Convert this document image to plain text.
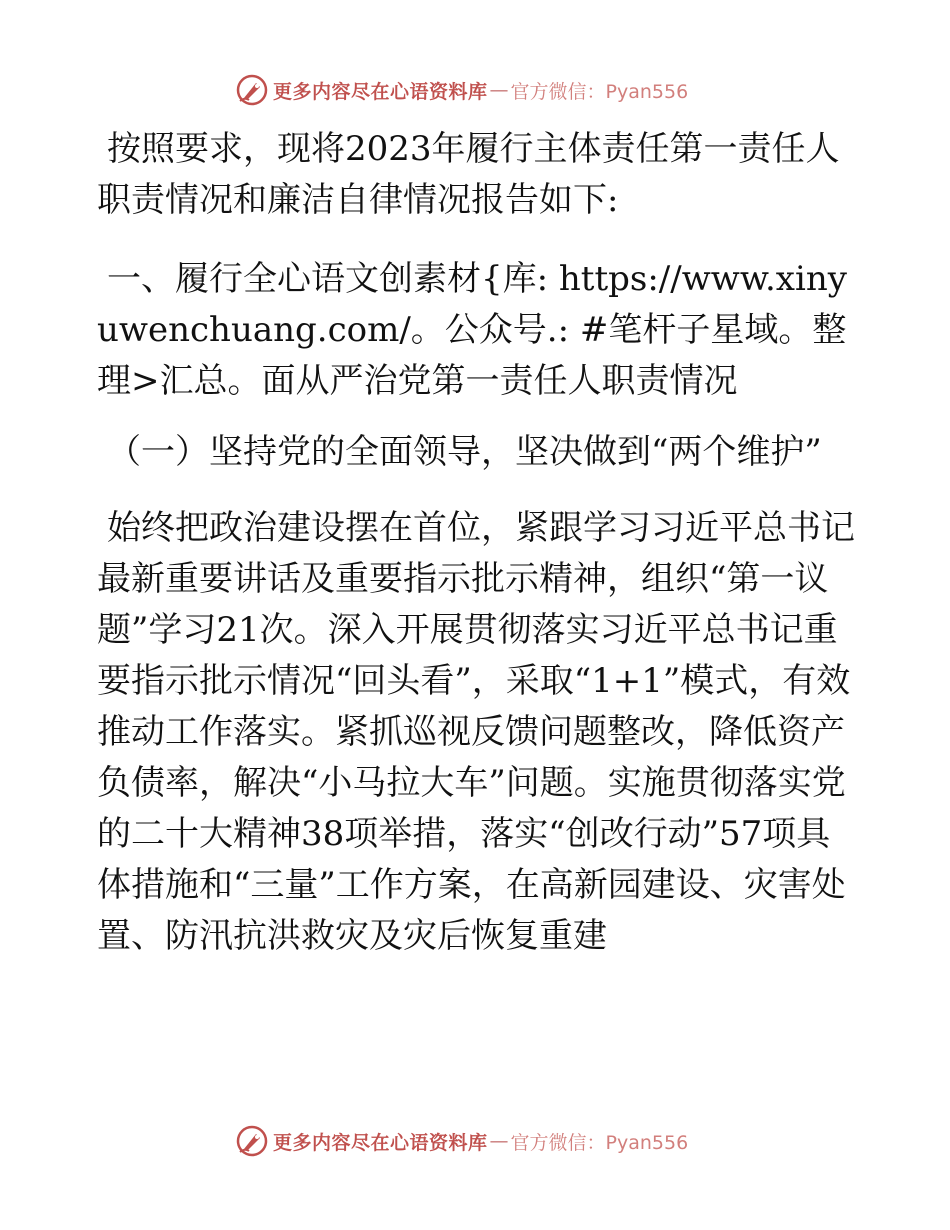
更多内容尽在心语资料库 — 官方微信：Pyan556

按照要求，现将2023年履行主体责任第一责任人职责情况和廉洁自律情况报告如下:

一、履行全心语文创素材{库: https://www.xinyuwenchuang.com/。公众号.: #笔杆子星域。整理>汇总。面从严治党第一责任人职责情况

（一）坚持党的全面领导，坚决做到“两个维护”

始终把政治建设摆在首位，紧跟学习习近平总书记最新重要讲话及重要指示批示精神，组织“第一议题”学习21次。深入开展贯彻落实习近平总书记重要指示批示情况“回头看”，采取“1+1”模式，有效推动工作落实。紧抓巡视反馈问题整改，降低资产负债率，解决“小马拉大车”问题。实施贯彻落实党的二十大精神38项举措，落实“创改行动”57项具体措施和“三量”工作方案，在高新园建设、灾害处置、防汛抗洪救灾及灾后恢复重建

更多内容尽在心语资料库 — 官方微信：Pyan556
